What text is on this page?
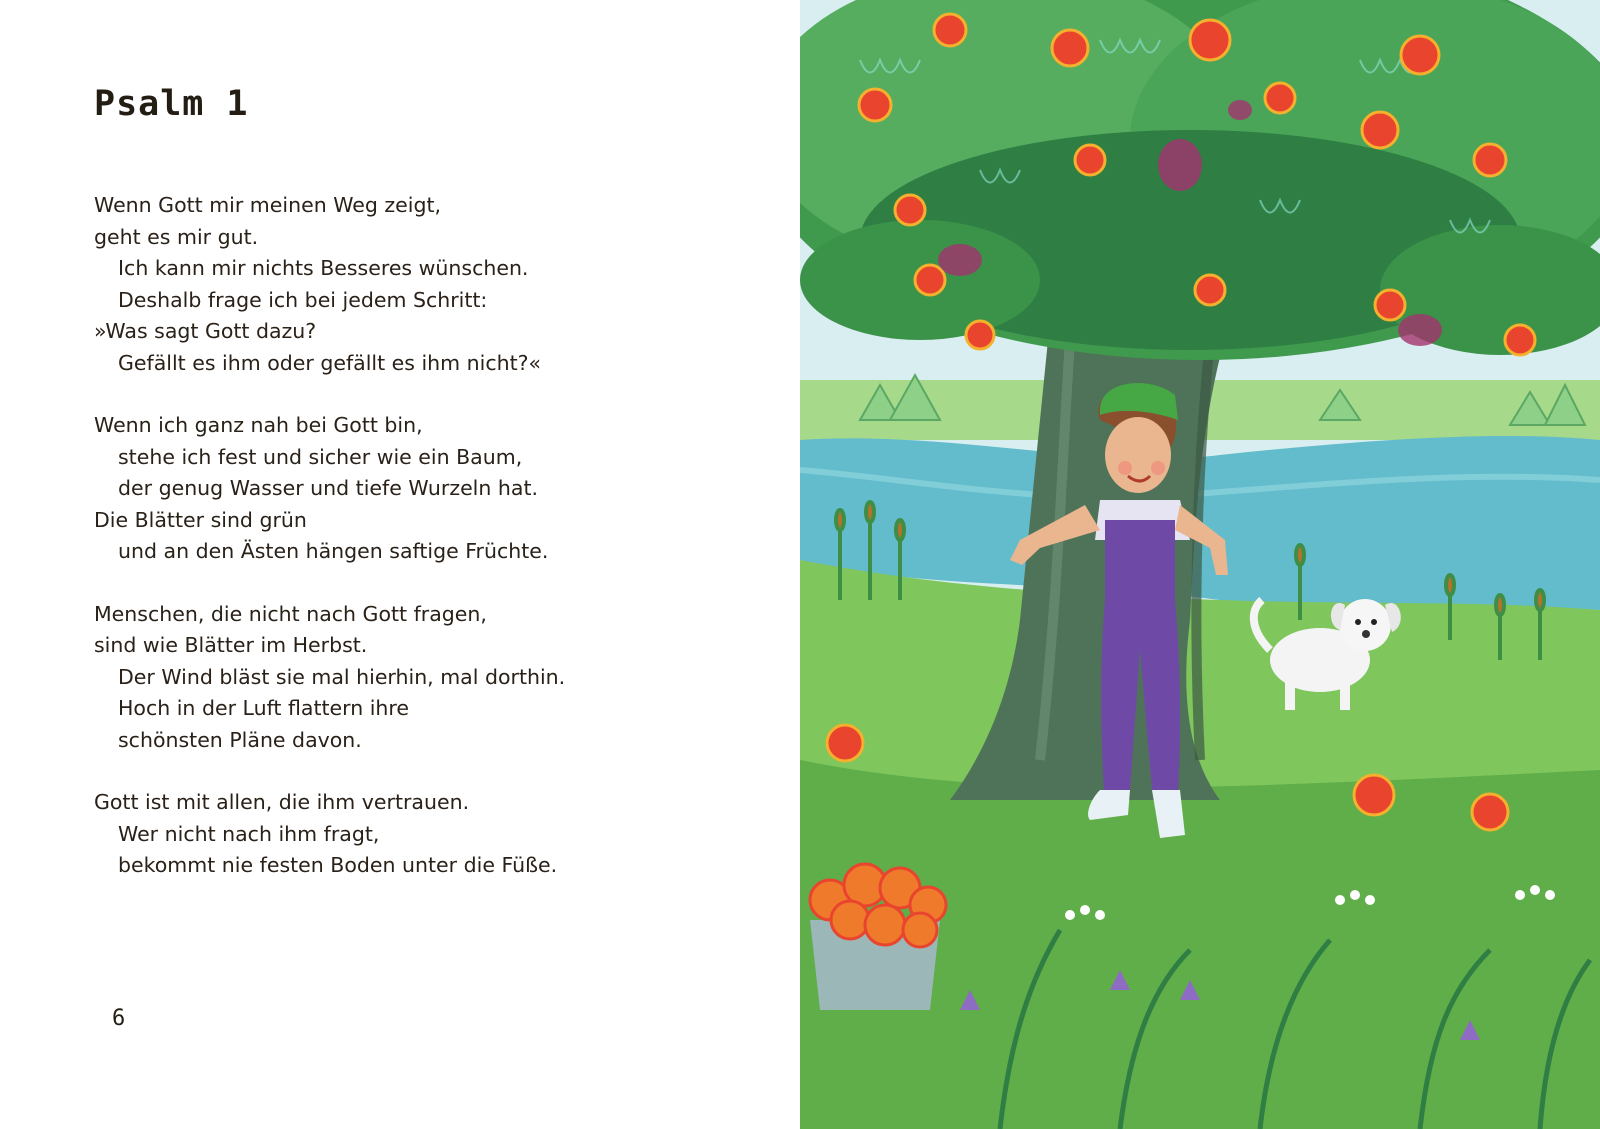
Psalm 1
Wenn Gott mir meinen Weg zeigt,
geht es mir gut.
Ich kann mir nichts Besseres wünschen.
Deshalb frage ich bei jedem Schritt:
»Was sagt Gott dazu?
Gefällt es ihm oder gefällt es ihm nicht?«
Wenn ich ganz nah bei Gott bin,
stehe ich fest und sicher wie ein Baum,
der genug Wasser und tiefe Wurzeln hat.
Die Blätter sind grün
und an den Ästen hängen saftige Früchte.
Menschen, die nicht nach Gott fragen,
sind wie Blätter im Herbst.
Der Wind bläst sie mal hierhin, mal dorthin.
Hoch in der Luft flattern ihre
schönsten Pläne davon.
Gott ist mit allen, die ihm vertrauen.
Wer nicht nach ihm fragt,
bekommt nie festen Boden unter die Füße.
6
